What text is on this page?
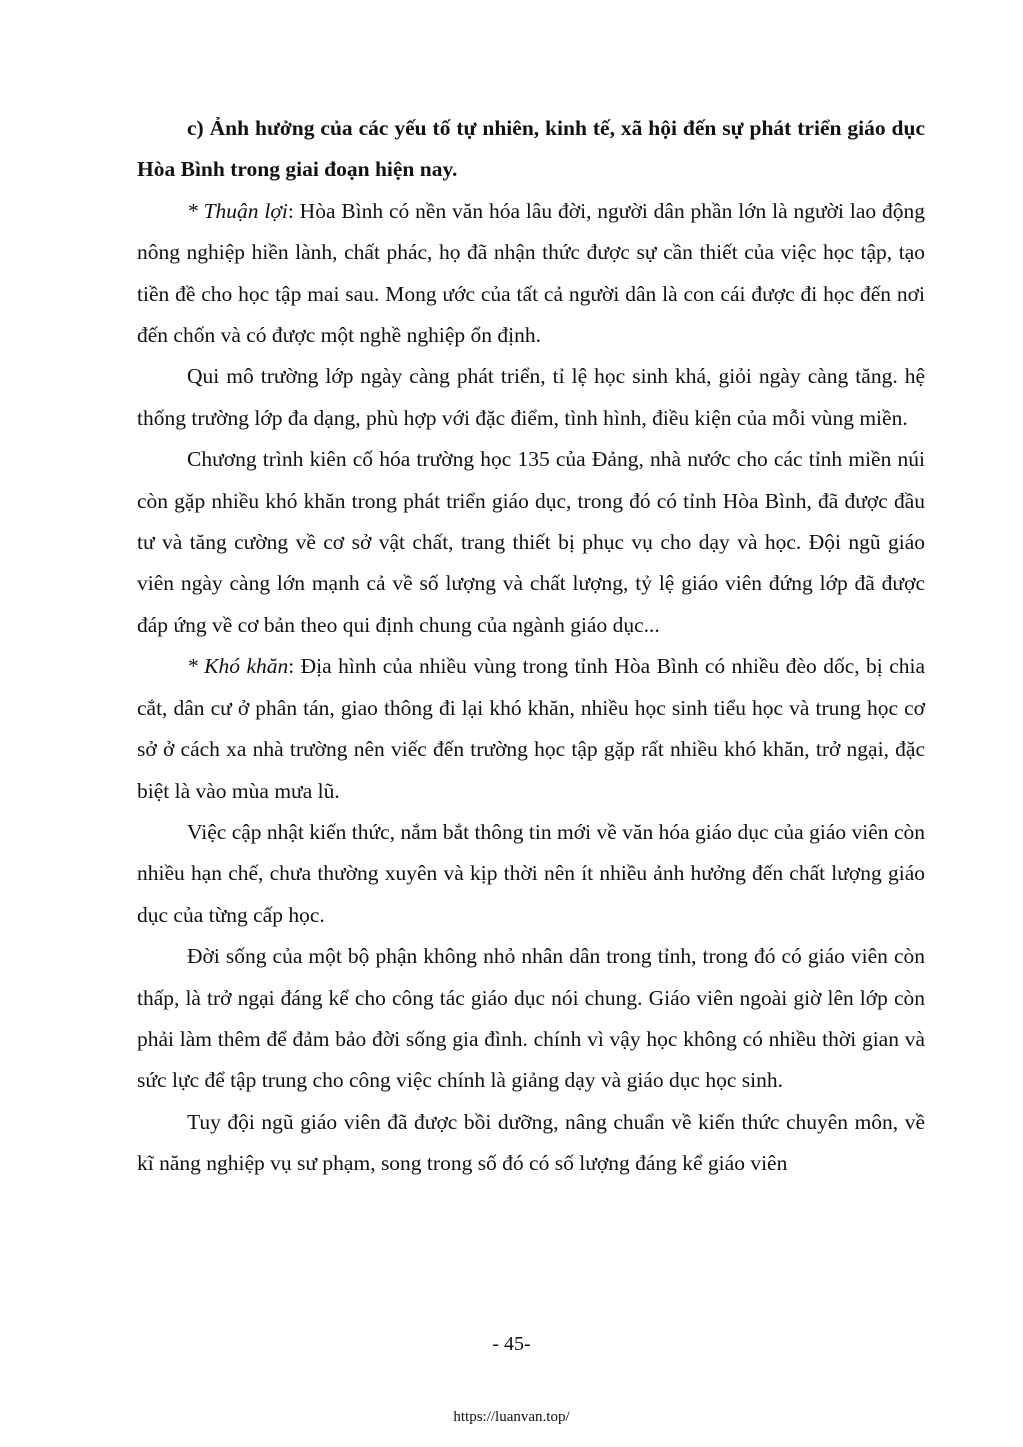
c) Ảnh hưởng của các yếu tố tự nhiên, kinh tế, xã hội đến sự phát triển giáo dục Hòa Bình trong giai đoạn hiện nay.

* Thuận lợi: Hòa Bình có nền văn hóa lâu đời, người dân phần lớn là người lao động nông nghiệp hiền lành, chất phác, họ đã nhận thức được sự cần thiết của việc học tập, tạo tiền đề cho học tập mai sau. Mong ước của tất cả người dân là con cái được đi học đến nơi đến chốn và có được một nghề nghiệp ổn định.

Qui mô trường lớp ngày càng phát triển, tỉ lệ học sinh khá, giỏi ngày càng tăng. hệ thống trường lớp đa dạng, phù hợp với đặc điểm, tình hình, điều kiện của mỗi vùng miền.

Chương trình kiên cố hóa trường học 135 của Đảng, nhà nước cho các tỉnh miền núi còn gặp nhiều khó khăn trong phát triển giáo dục, trong đó có tỉnh Hòa Bình, đã được đầu tư và tăng cường về cơ sở vật chất, trang thiết bị phục vụ cho dạy và học. Đội ngũ giáo viên ngày càng lớn mạnh cả về số lượng và chất lượng, tỷ lệ giáo viên đứng lớp đã được đáp ứng về cơ bản theo qui định chung của ngành giáo dục...

* Khó khăn: Địa hình của nhiều vùng trong tỉnh Hòa Bình có nhiều đèo dốc, bị chia cắt, dân cư ở phân tán, giao thông đi lại khó khăn, nhiều học sinh tiểu học và trung học cơ sở ở cách xa nhà trường nên viếc đến trường học tập gặp rất nhiều khó khăn, trở ngại, đặc biệt là vào mùa mưa lũ.

Việc cập nhật kiến thức, nắm bắt thông tin mới về văn hóa giáo dục của giáo viên còn nhiều hạn chế, chưa thường xuyên và kịp thời nên ít nhiều ảnh hưởng đến chất lượng giáo dục của từng cấp học.

Đời sống của một bộ phận không nhỏ nhân dân trong tỉnh, trong đó có giáo viên còn thấp, là trở ngại đáng kể cho công tác giáo dục nói chung. Giáo viên ngoài giờ lên lớp còn phải làm thêm để đảm bảo đời sống gia đình. chính vì vậy học không có nhiều thời gian và sức lực để tập trung cho công việc chính là giảng dạy và giáo dục học sinh.

Tuy đội ngũ giáo viên đã được bồi dưỡng, nâng chuẩn về kiến thức chuyên môn, về kĩ năng nghiệp vụ sư phạm, song trong số đó có số lượng đáng kể giáo viên

- 45-
https://luanvan.top/
